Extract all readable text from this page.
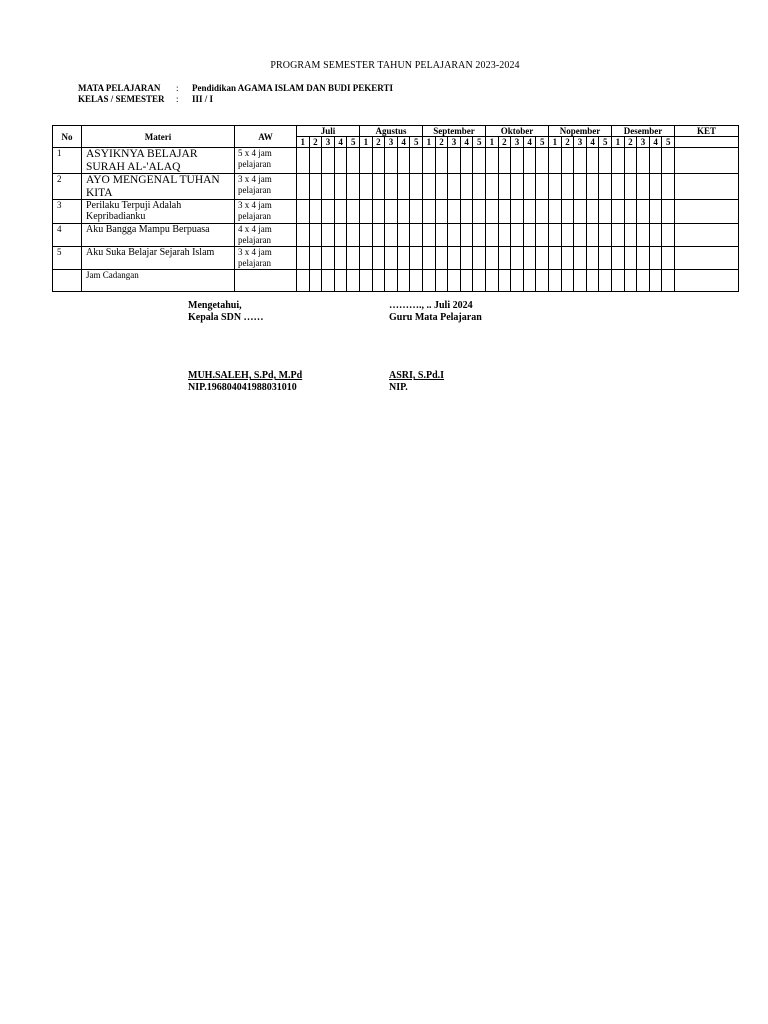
PROGRAM SEMESTER TAHUN PELAJARAN 2023-2024
MATA PELAJARAN	:	Pendidikan AGAMA ISLAM DAN BUDI PEKERTI
KELAS / SEMESTER	:	III / I
No	Materi	AW	Juli					Agustus					September					Oktober					Nopember					Desember					KET
			1	2	3	4	5	1	2	3	4	5	1	2	3	4	5	1	2	3	4	5	1	2	3	4	5	1	2	3	4	5	
1	ASYIKNYA BELAJAR SURAH AL-'ALAQ	5 x 4 jam pelajaran																															
2	AYO MENGENAL TUHAN KITA	3 x 4 jam pelajaran																															
3	Perilaku Terpuji Adalah Kepribadianku	3 x 4 jam pelajaran																															
4	Aku Bangga Mampu Berpuasa	4 x 4 jam pelajaran																															
5	Aku Suka Belajar Sejarah Islam	3 x 4 jam pelajaran																															
	Jam Cadangan																																
Mengetahui,
Kepala SDN ……
MUH.SALEH, S.Pd, M.Pd
NIP.196804041988031010
………., .. Juli 2024
Guru Mata Pelajaran
ASRI, S.Pd.I
NIP.
